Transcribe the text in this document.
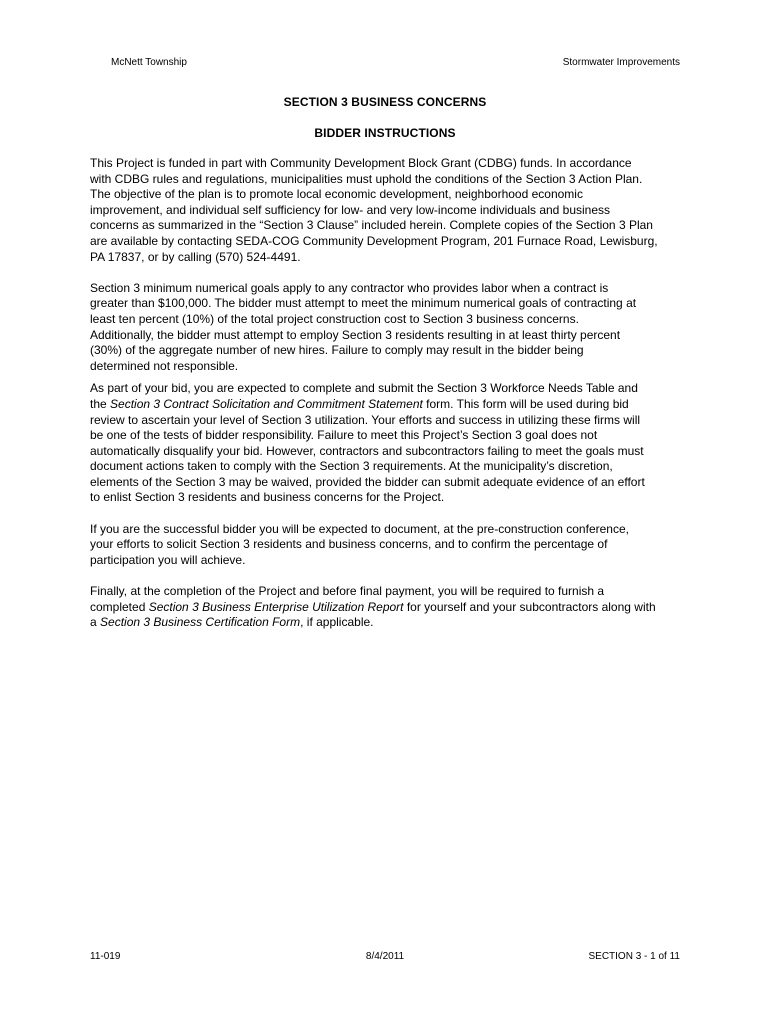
McNett Township	Stormwater Improvements
SECTION 3 BUSINESS CONCERNS
BIDDER INSTRUCTIONS

This Project is funded in part with Community Development Block Grant (CDBG) funds. In accordance
with CDBG rules and regulations, municipalities must uphold the conditions of the Section 3 Action Plan.
The objective of the plan is to promote local economic development, neighborhood economic
improvement, and individual self sufficiency for low- and very low-income individuals and business
concerns as summarized in the “Section 3 Clause” included herein. Complete copies of the Section 3 Plan
are available by contacting SEDA-COG Community Development Program, 201 Furnace Road, Lewisburg,
PA 17837, or by calling (570) 524-4491.

Section 3 minimum numerical goals apply to any contractor who provides labor when a contract is
greater than $100,000. The bidder must attempt to meet the minimum numerical goals of contracting at
least ten percent (10%) of the total project construction cost to Section 3 business concerns.
Additionally, the bidder must attempt to employ Section 3 residents resulting in at least thirty percent
(30%) of the aggregate number of new hires. Failure to comply may result in the bidder being
determined not responsible.

As part of your bid, you are expected to complete and submit the Section 3 Workforce Needs Table and
the Section 3 Contract Solicitation and Commitment Statement form. This form will be used during bid
review to ascertain your level of Section 3 utilization. Your efforts and success in utilizing these firms will
be one of the tests of bidder responsibility. Failure to meet this Project’s Section 3 goal does not
automatically disqualify your bid. However, contractors and subcontractors failing to meet the goals must
document actions taken to comply with the Section 3 requirements. At the municipality’s discretion,
elements of the Section 3 may be waived, provided the bidder can submit adequate evidence of an effort
to enlist Section 3 residents and business concerns for the Project.

If you are the successful bidder you will be expected to document, at the pre-construction conference,
your efforts to solicit Section 3 residents and business concerns, and to confirm the percentage of
participation you will achieve.

Finally, at the completion of the Project and before final payment, you will be required to furnish a
completed Section 3 Business Enterprise Utilization Report for yourself and your subcontractors along with
a Section 3 Business Certification Form, if applicable.

11-019	8/4/2011	SECTION 3 - 1 of 11
